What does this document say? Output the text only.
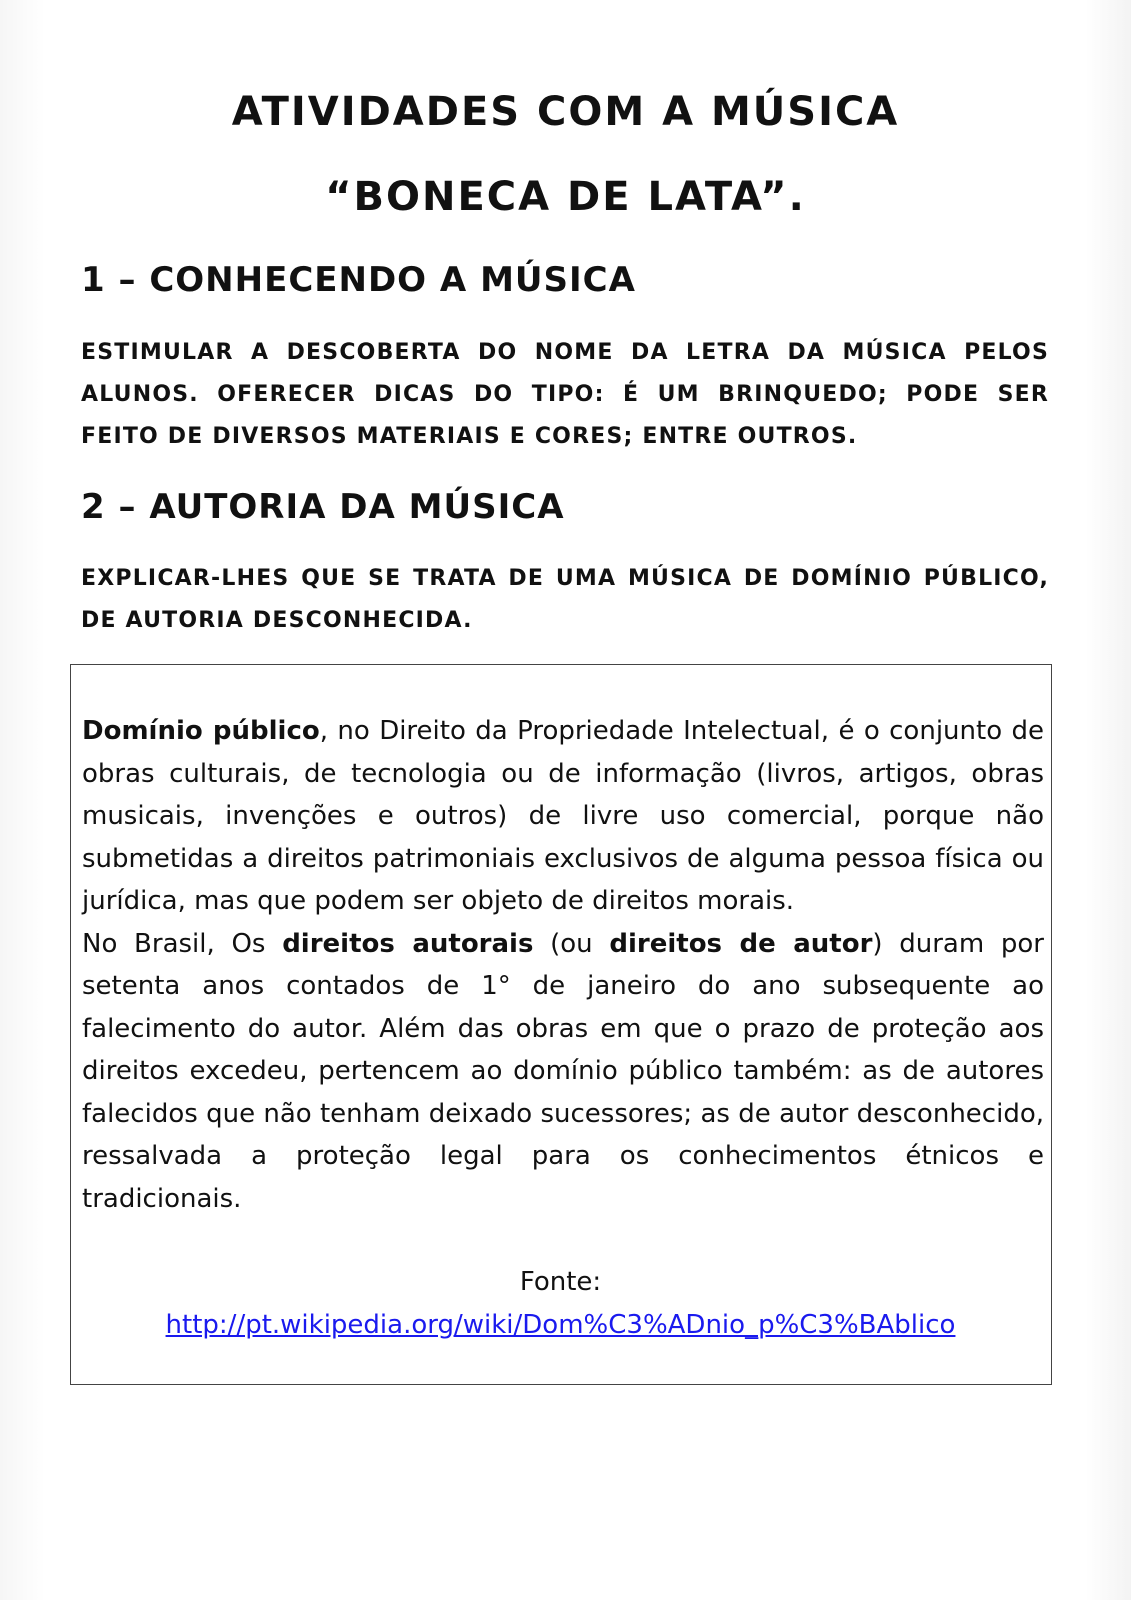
ATIVIDADES COM A MÚSICA
“BONECA DE LATA”.
1 – CONHECENDO A MÚSICA
ESTIMULAR A DESCOBERTA DO NOME DA LETRA DA MÚSICA PELOS ALUNOS. OFERECER DICAS DO TIPO: É UM BRINQUEDO; PODE SER FEITO DE DIVERSOS MATERIAIS E CORES; ENTRE OUTROS.
2 – AUTORIA DA MÚSICA
EXPLICAR-LHES QUE SE TRATA DE UMA MÚSICA DE DOMÍNIO PÚBLICO, DE AUTORIA DESCONHECIDA.

Domínio público, no Direito da Propriedade Intelectual, é o conjunto de obras culturais, de tecnologia ou de informação (livros, artigos, obras musicais, invenções e outros) de livre uso comercial, porque não submetidas a direitos patrimoniais exclusivos de alguma pessoa física ou jurídica, mas que podem ser objeto de direitos morais.

No Brasil, Os direitos autorais (ou direitos de autor) duram por setenta anos contados de 1° de janeiro do ano subsequente ao falecimento do autor. Além das obras em que o prazo de proteção aos direitos excedeu, pertencem ao domínio público também: as de autores falecidos que não tenham deixado sucessores; as de autor desconhecido, ressalvada a proteção legal para os conhecimentos étnicos e tradicionais.

Fonte:
http://pt.wikipedia.org/wiki/Dom%C3%ADnio_p%C3%BAblico
